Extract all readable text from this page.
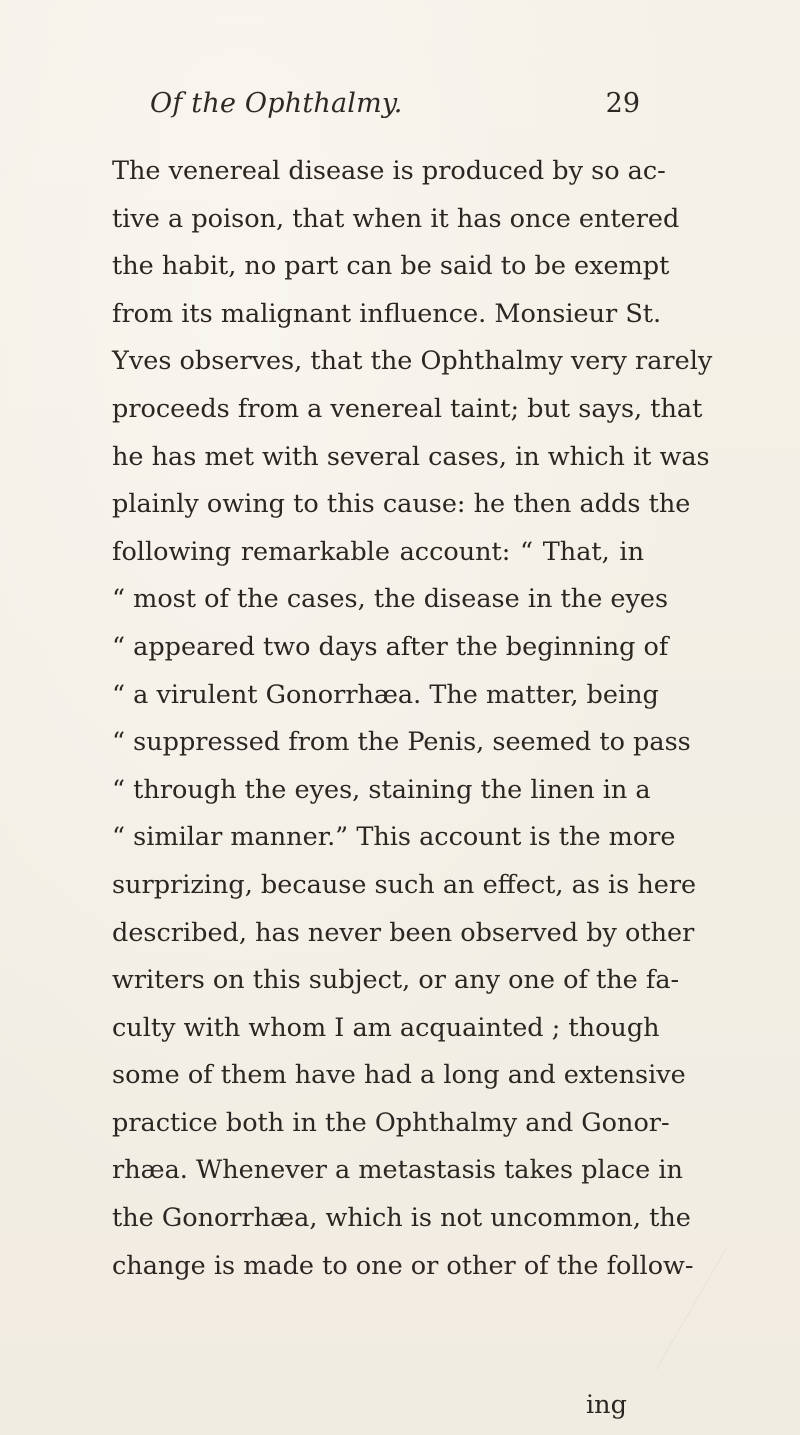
Of the Ophthalmy.	29
The venereal disease is produced by so ac-
tive a poison, that when it has once entered
the habit, no part can be said to be exempt
from its malignant influence. Monsieur St.
Yves observes, that the Ophthalmy very rarely
proceeds from a venereal taint; but says, that
he has met with several cases, in which it was
plainly owing to this cause: he then adds the
following remarkable account: “ That, in
“ most of the cases, the disease in the eyes
“ appeared two days after the beginning of
“ a virulent Gonorrhæa. The matter, being
“ suppressed from the Penis, seemed to pass
“ through the eyes, staining the linen in a
“ similar manner.” This account is the more
surprizing, because such an effect, as is here
described, has never been observed by other
writers on this subject, or any one of the fa-
culty with whom I am acquainted ; though
some of them have had a long and extensive
practice both in the Ophthalmy and Gonor-
rhæa. Whenever a metastasis takes place in
the Gonorrhæa, which is not uncommon, the
change is made to one or other of the follow-
ing
